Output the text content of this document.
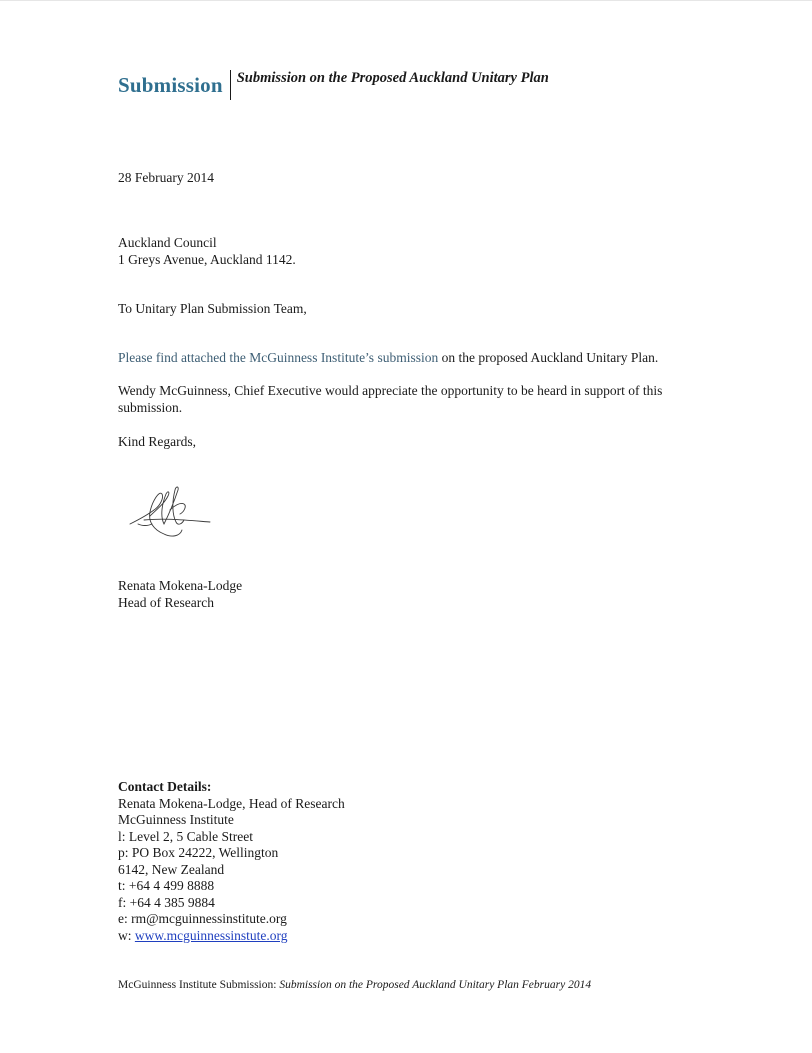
Submission Submission on the Proposed Auckland Unitary Plan
28 February 2014
Auckland Council
1 Greys Avenue, Auckland 1142.
To Unitary Plan Submission Team,
Please find attached the McGuinness Institute’s submission on the proposed Auckland Unitary Plan.
Wendy McGuinness, Chief Executive would appreciate the opportunity to be heard in support of this submission.
Kind Regards,
Renata Mokena-Lodge
Head of Research
Contact Details:
Renata Mokena-Lodge, Head of Research
McGuinness Institute
l: Level 2, 5 Cable Street
p: PO Box 24222, Wellington
6142, New Zealand
t: +64 4 499 8888
f: +64 4 385 9884
e: rm@mcguinnessinstitute.org
w: www.mcguinnessinstute.org
McGuinness Institute Submission: Submission on the Proposed Auckland Unitary Plan February 2014
